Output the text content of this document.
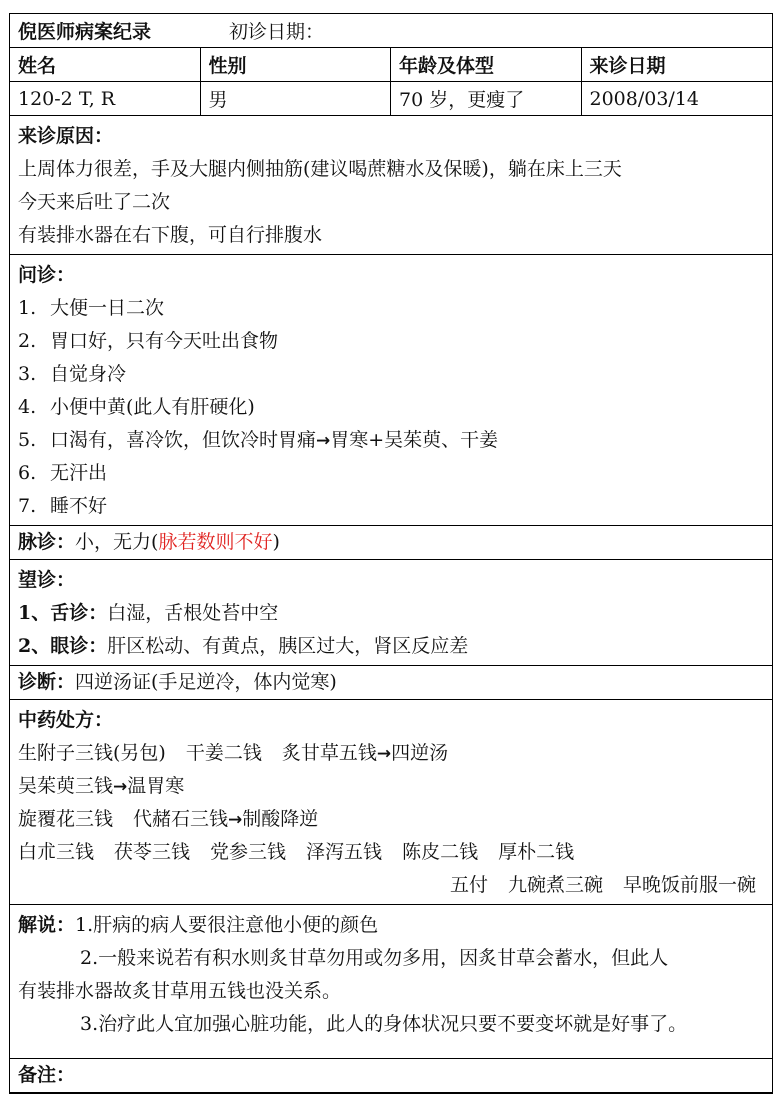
倪医师病案纪录	初诊日期：
姓名	性别	年龄及体型	来诊日期
120-2 T, R	男	70 岁，更瘦了	2008/03/14
来诊原因：
上周体力很差，手及大腿内侧抽筋(建议喝蔗糖水及保暖)，躺在床上三天
今天来后吐了二次
有装排水器在右下腹，可自行排腹水
问诊：
1. 大便一日二次
2. 胃口好，只有今天吐出食物
3. 自觉身冷
4. 小便中黄(此人有肝硬化)
5. 口渴有，喜冷饮，但饮冷时胃痛→胃寒+吴茱萸、干姜
6. 无汗出
7. 睡不好
脉诊：小，无力(脉若数则不好)
望诊：
1、舌诊：白湿，舌根处苔中空
2、眼诊：肝区松动、有黄点，胰区过大，肾区反应差
诊断：四逆汤证(手足逆冷，体内觉寒)
中药处方：
生附子三钱(另包) 干姜二钱 炙甘草五钱→四逆汤
吴茱萸三钱→温胃寒
旋覆花三钱 代赭石三钱→制酸降逆
白朮三钱 茯苓三钱 党参三钱 泽泻五钱 陈皮二钱 厚朴二钱
五付 九碗煮三碗 早晚饭前服一碗
解说：1.肝病的病人要很注意他小便的颜色
2.一般来说若有积水则炙甘草勿用或勿多用，因炙甘草会蓄水，但此人
有装排水器故炙甘草用五钱也没关系。
3.治疗此人宜加强心脏功能，此人的身体状况只要不要变坏就是好事了。
备注：
